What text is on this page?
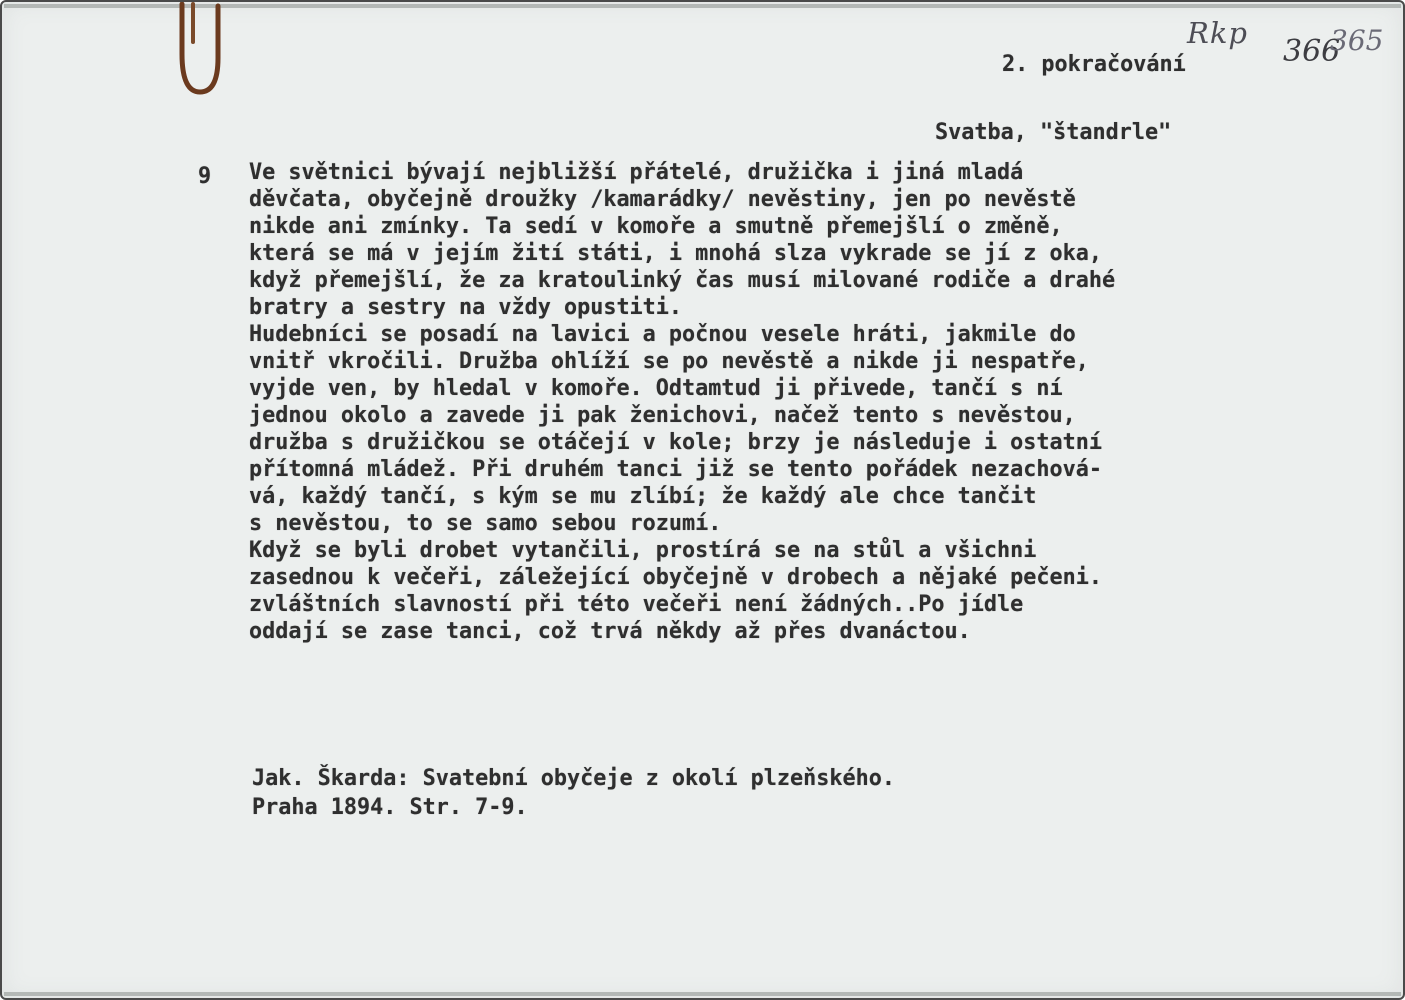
Rkp
366
365
2. pokračování
Svatba, "štandrle"
9 Ve světnici bývají nejbližší přátelé, družička i jiná mladá
děvčata, obyčejně droužky /kamarádky/ nevěstiny, jen po nevěstě
nikde ani zmínky. Ta sedí v komoře a smutně přemejšlí o změně,
která se má v jejím žití státi, i mnohá slza vykrade se jí z oka,
když přemejšlí, že za kratoulinký čas musí milované rodiče a drahé
bratry a sestry na vždy opustiti.
Hudebníci se posadí na lavici a počnou vesele hráti, jakmile do
vnitř vkročili. Družba ohlíží se po nevěstě a nikde ji nespatře,
vyjde ven, by hledal v komoře. Odtamtud ji přivede, tančí s ní
jednou okolo a zavede ji pak ženichovi, načež tento s nevěstou,
družba s družičkou se otáčejí v kole; brzy je následuje i ostatní
přítomná mládež. Při druhém tanci již se tento pořádek nezachová-
vá, každý tančí, s kým se mu zlíbí; že každý ale chce tančit
s nevěstou, to se samo sebou rozumí.
Když se byli drobet vytančili, prostírá se na stůl a všichni
zasednou k večeři, záležející obyčejně v drobech a nějaké pečeni.
zvláštních slavností při této večeři není žádných..Po jídle
oddají se zase tanci, což trvá někdy až přes dvanáctou.
Jak. Škarda: Svatební obyčeje z okolí plzeňského.
Praha 1894. Str. 7-9.
